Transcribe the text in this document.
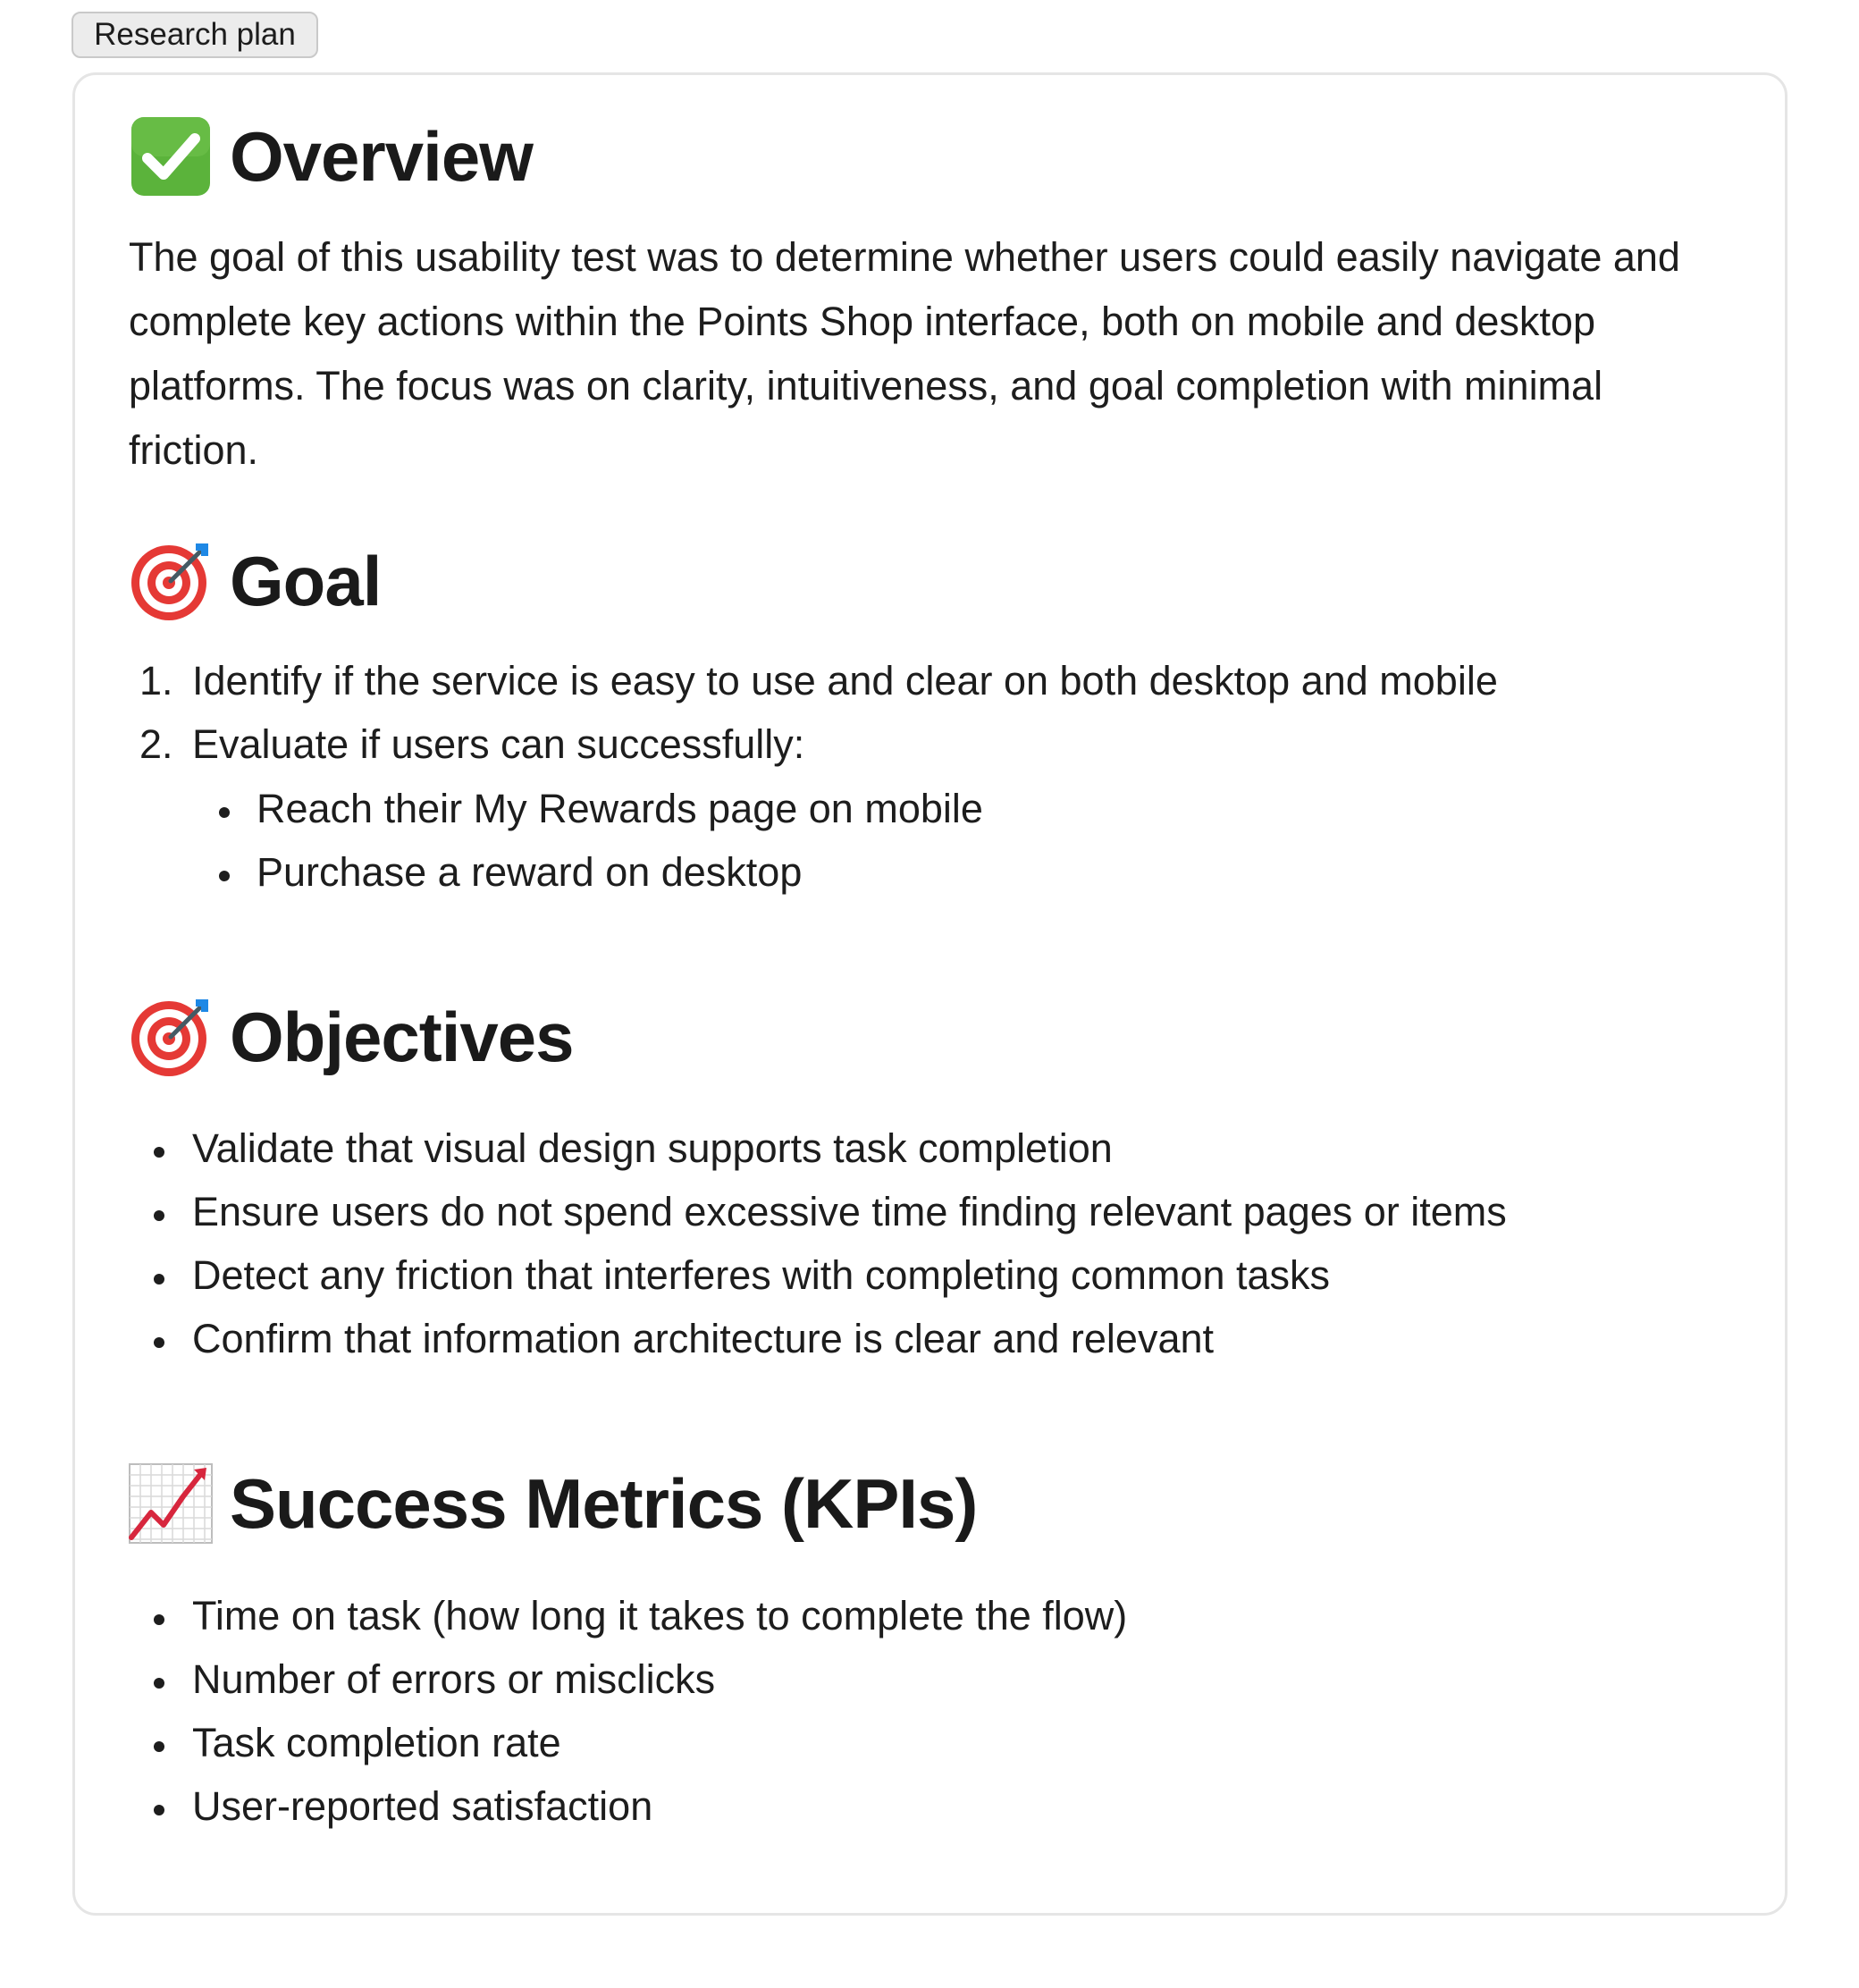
Research plan
Overview

The goal of this usability test was to determine whether users could easily navigate and complete key actions within the Points Shop interface, both on mobile and desktop platforms. The focus was on clarity, intuitiveness, and goal completion with minimal friction.

Goal
1. Identify if the service is easy to use and clear on both desktop and mobile

2. Evaluate if users can successfully:

Reach their My Rewards page on mobile

Purchase a reward on desktop

Objectives

Validate that visual design supports task completion

Ensure users do not spend excessive time finding relevant pages or items

Detect any friction that interferes with completing common tasks

Confirm that information architecture is clear and relevant

Success Metrics (KPIs)

Time on task (how long it takes to complete the flow)

Number of errors or misclicks

Task completion rate

User-reported satisfaction
